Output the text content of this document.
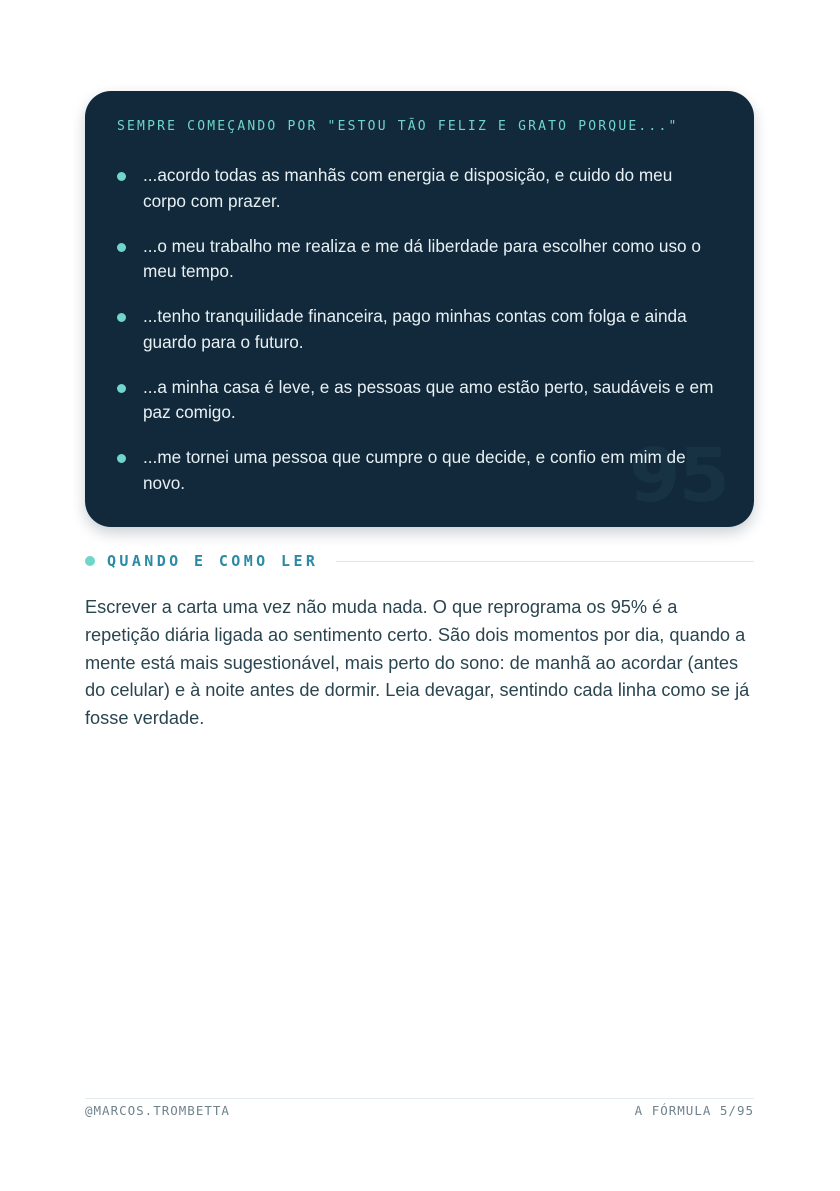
95
SEMPRE COMEÇANDO POR "ESTOU TÃO FELIZ E GRATO PORQUE..."
...acordo todas as manhãs com energia e disposição, e cuido do meu corpo com prazer.
...o meu trabalho me realiza e me dá liberdade para escolher como uso o meu tempo.
...tenho tranquilidade financeira, pago minhas contas com folga e ainda guardo para o futuro.
...a minha casa é leve, e as pessoas que amo estão perto, saudáveis e em paz comigo.
...me tornei uma pessoa que cumpre o que decide, e confio em mim de novo.
QUANDO E COMO LER

Escrever a carta uma vez não muda nada. O que reprograma os 95% é a repetição diária ligada ao sentimento certo. São dois momentos por dia, quando a mente está mais sugestionável, mais perto do sono: de manhã ao acordar (antes do celular) e à noite antes de dormir. Leia devagar, sentindo cada linha como se já fosse verdade.

@MARCOS.TROMBETTA	A FÓRMULA 5/95
